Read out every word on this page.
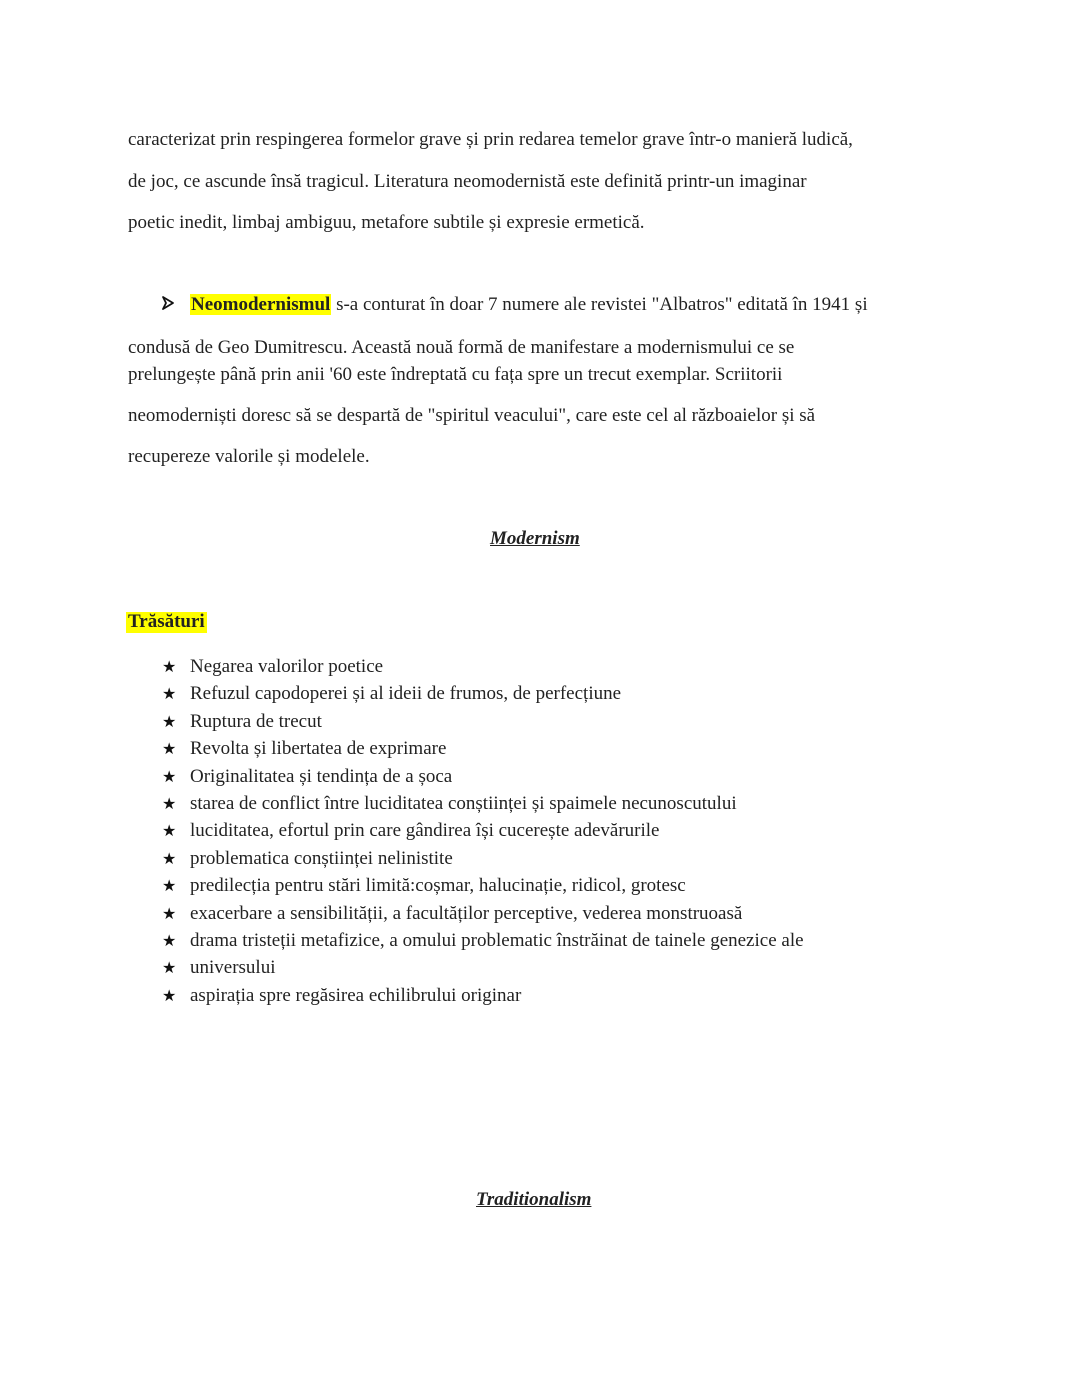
caracterizat prin respingerea formelor grave și prin redarea temelor grave într-o manieră ludică,
de joc, ce ascunde însă tragicul. Literatura neomodernistă este definită printr-un imaginar
poetic inedit, limbaj ambiguu, metafore subtile și expresie ermetică.
Neomodernismul s-a conturat în doar 7 numere ale revistei "Albatros" editată în 1941 și
condusă de Geo Dumitrescu. Această nouă formă de manifestare a modernismului ce se
prelungește până prin anii '60 este îndreptată cu fața spre un trecut exemplar. Scriitorii
neomoderniști doresc să se despartă de "spiritul veacului", care este cel al războaielor și să
recupereze valorile și modelele.
Modernism
Trăsături
★ Negarea valorilor poetice
★ Refuzul capodoperei și al ideii de frumos, de perfecțiune
★ Ruptura de trecut
★ Revolta și libertatea de exprimare
★ Originalitatea și tendința de a șoca
★ starea de conflict între luciditatea conștiinței și spaimele necunoscutului
★ luciditatea, efortul prin care gândirea își cucerește adevărurile
★ problematica conștiinței nelinistite
★ predilecția pentru stări limită:coșmar, halucinație, ridicol, grotesc
★ exacerbare a sensibilității, a facultăților perceptive, vederea monstruoasă
★ drama tristeții metafizice, a omului problematic înstrăinat de tainele genezice ale
★ universului
★ aspirația spre regăsirea echilibrului originar
Traditionalism
